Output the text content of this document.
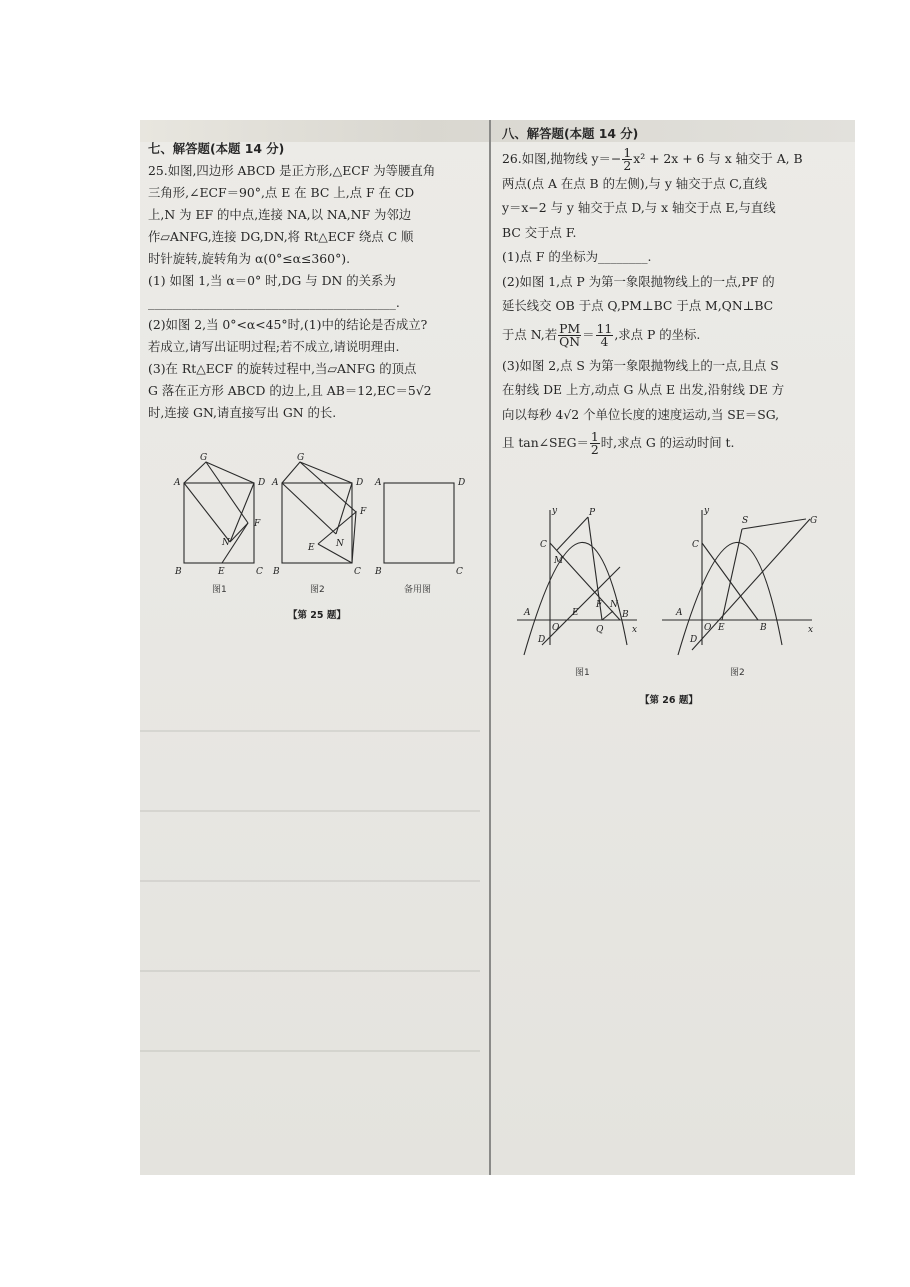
七、解答题(本题 14 分)

25.如图,四边形 ABCD 是正方形,△ECF 为等腰直角

三角形,∠ECF＝90°,点 E 在 BC 上,点 F 在 CD

上,N 为 EF 的中点,连接 NA,以 NA,NF 为邻边

作▱ANFG,连接 DG,DN,将 Rt△ECF 绕点 C 顺

时针旋转,旋转角为 α(0°≤α≤360°).

(1) 如图 1,当 α＝0° 时,DG 与 DN 的关系为

________________________________________.

(2)如图 2,当 0°<α<45°时,(1)中的结论是否成立?

若成立,请写出证明过程;若不成立,请说明理由.

(3)在 Rt△ECF 的旋转过程中,当▱ANFG 的顶点

G 落在正方形 ABCD 的边上,且 AB＝12,EC＝5√2

时,连接 GN,请直接写出 GN 的长.

A
G
D
F
N
B	E	C
A
G
D
F
N
E
B	C
A	D
B	C
图1	图2	备用图
【第 25 题】

八、解答题(本题 14 分)

26.如图,抛物线 $y=- \frac{1}{2} x^2 + 2x + 6$ 与 x 轴交于 A, B

两点(点 A 在点 B 的左侧),与 y 轴交于点 C,直线

y＝x−2 与 y 轴交于点 D,与 x 轴交于点 E,与直线

BC 交于点 F.

(1)点 F 的坐标为________.

(2)如图 1,点 P 为第一象限抛物线上的一点,PF 的

延长线交 OB 于点 Q,PM⊥BC 于点 M,QN⊥BC

于点 N,若 $\frac{PM}{QN} = \frac{11}{4}$ ,求点 P 的坐标.

(3)如图 2,点 S 为第一象限抛物线上的一点,且点 S

在射线 DE 上方,动点 G 从点 E 出发,沿射线 DE 方

向以每秒 4√2 个单位长度的速度运动,当 SE＝SG,

且 tan∠SEG＝ $\frac{1}{2}$ 时,求点 G 的运动时间 t.

y
x
P
C
M
A
O
E
F N
Q
B
D
y
x
S	G
C
A
O E	B
D
图1	图2
【第 26 题】
